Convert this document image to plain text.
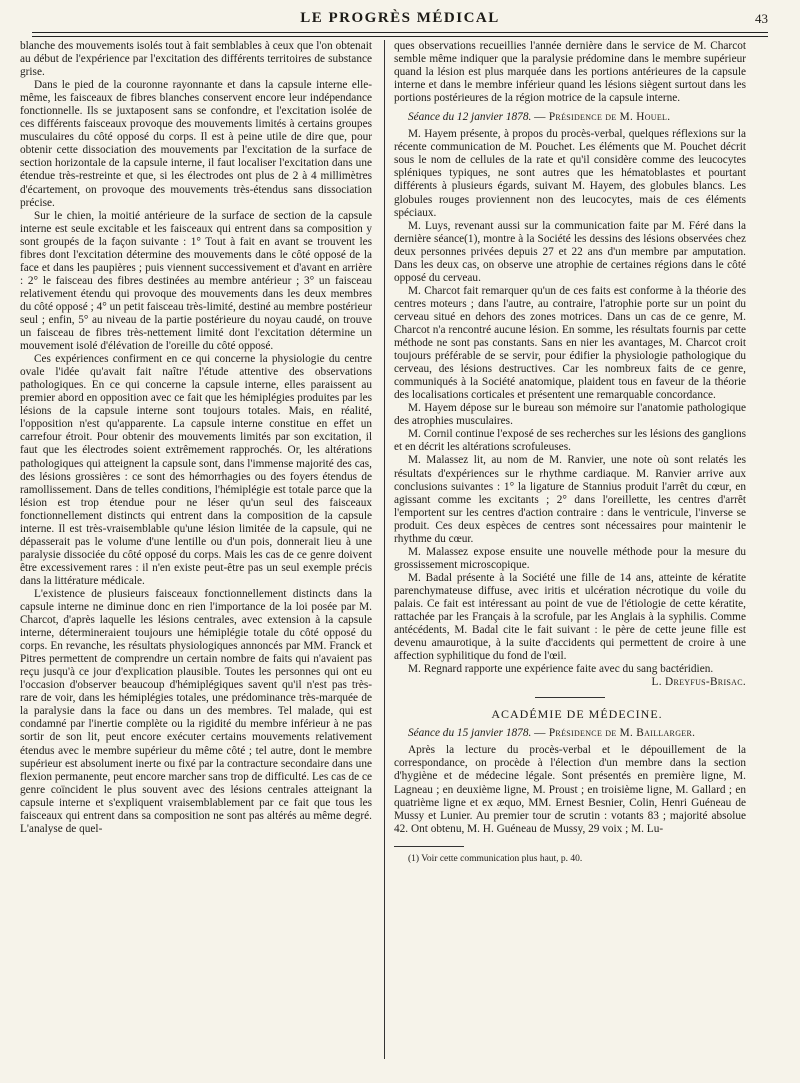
LE PROGRÈS MÉDICAL	43

blanche des mouvements isolés tout à fait semblables à ceux que l'on obtenait au début de l'expérience par l'excitation des différents territoires de substance grise.

Dans le pied de la couronne rayonnante et dans la capsule interne elle-même, les faisceaux de fibres blanches conservent encore leur indépendance fonctionnelle. Ils se juxtaposent sans se confondre, et l'excitation isolée de ces différents faisceaux provoque des mouvements limités à certains groupes musculaires du côté opposé du corps. Il est à peine utile de dire que, pour obtenir cette dissociation des mouvements par l'excitation de la surface de section horizontale de la capsule interne, il faut localiser l'excitation dans une étendue très-restreinte et que, si les électrodes ont plus de 2 à 4 millimètres d'écartement, on provoque des mouvements très-étendus sans dissociation précise.

Sur le chien, la moitié antérieure de la surface de section de la capsule interne est seule excitable et les faisceaux qui entrent dans sa composition y sont groupés de la façon suivante : 1° Tout à fait en avant se trouvent les fibres dont l'excitation détermine des mouvements dans le côté opposé de la face et dans les paupières ; puis viennent successivement et d'avant en arrière : 2° le faisceau des fibres destinées au membre antérieur ; 3° un faisceau relativement étendu qui provoque des mouvements dans les deux membres du côté opposé ; 4° un petit faisceau très-limité, destiné au membre postérieur seul ; enfin, 5° au niveau de la partie postérieure du noyau caudé, on trouve un faisceau de fibres très-nettement limité dont l'excitation détermine un mouvement isolé d'élévation de l'oreille du côté opposé.

Ces expériences confirment en ce qui concerne la physiologie du centre ovale l'idée qu'avait fait naître l'étude attentive des observations pathologiques. En ce qui concerne la capsule interne, elles paraissent au premier abord en opposition avec ce fait que les hémiplégies produites par les lésions de la capsule interne sont toujours totales. Mais, en réalité, l'opposition n'est qu'apparente. La capsule interne constitue en effet un carrefour étroit. Pour obtenir des mouvements limités par son excitation, il faut que les électrodes soient extrêmement rapprochés. Or, les altérations pathologiques qui atteignent la capsule sont, dans l'immense majorité des cas, des lésions grossières : ce sont des hémorrhagies ou des foyers étendus de ramollissement. Dans de telles conditions, l'hémiplégie est totale parce que la lésion est trop étendue pour ne léser qu'un seul des faisceaux fonctionnellement distincts qui entrent dans la composition de la capsule interne. Il est très-vraisemblable qu'une lésion limitée de la capsule, qui ne dépasserait pas le volume d'une lentille ou d'un pois, donnerait lieu à une paralysie dissociée du côté opposé du corps. Mais les cas de ce genre doivent être excessivement rares : il n'en existe peut-être pas un seul exemple précis dans la littérature médicale.

L'existence de plusieurs faisceaux fonctionnellement distincts dans la capsule interne ne diminue donc en rien l'importance de la loi posée par M. Charcot, d'après laquelle les lésions centrales, avec extension à la capsule interne, détermineraient toujours une hémiplégie totale du côté opposé du corps. En revanche, les résultats physiologiques annoncés par MM. Franck et Pitres permettent de comprendre un certain nombre de faits qui n'avaient pas reçu jusqu'à ce jour d'explication plausible. Toutes les personnes qui ont eu l'occasion d'observer beaucoup d'hémiplégiques savent qu'il n'est pas très-rare de voir, dans les hémiplégies totales, une prédominance très-marquée de la paralysie dans la face ou dans un des membres. Tel malade, qui est condamné par l'inertie complète ou la rigidité du membre inférieur à ne pas sortir de son lit, peut encore exécuter certains mouvements relativement étendus avec le membre supérieur du même côté ; tel autre, dont le membre supérieur est absolument inerte ou fixé par la contracture secondaire dans une flexion permanente, peut encore marcher sans trop de difficulté. Les cas de ce genre coïncident le plus souvent avec des lésions centrales atteignant la capsule interne et s'expliquent vraisemblablement par ce fait que tous les faisceaux qui entrent dans sa composition ne sont pas altérés au même degré. L'analyse de quel-

ques observations recueillies l'année dernière dans le service de M. Charcot semble même indiquer que la paralysie prédomine dans le membre supérieur quand la lésion est plus marquée dans les portions antérieures de la capsule interne et dans le membre inférieur quand les lésions siègent surtout dans les portions postérieures de la région motrice de la capsule interne.

Séance du 12 janvier 1878. — Présidence de M. Houel.

M. Hayem présente, à propos du procès-verbal, quelques réflexions sur la récente communication de M. Pouchet. Les éléments que M. Pouchet décrit sous le nom de cellules de la rate et qu'il considère comme des leucocytes spléniques typiques, ne sont autres que les hématoblastes et pourtant différents à plusieurs égards, suivant M. Hayem, des globules blancs. Les globules rouges proviennent non des leucocytes, mais de ces éléments spéciaux.

M. Luys, revenant aussi sur la communication faite par M. Féré dans la dernière séance(1), montre à la Société les dessins des lésions observées chez deux personnes privées depuis 27 et 22 ans d'un membre par amputation. Dans les deux cas, on observe une atrophie de certaines régions dans le côté opposé du cerveau.

M. Charcot fait remarquer qu'un de ces faits est conforme à la théorie des centres moteurs ; dans l'autre, au contraire, l'atrophie porte sur un point du cerveau situé en dehors des zones motrices. Dans un cas de ce genre, M. Charcot n'a rencontré aucune lésion. En somme, les résultats fournis par cette méthode ne sont pas constants. Sans en nier les avantages, M. Charcot croit toujours préférable de se servir, pour édifier la physiologie pathologique du cerveau, des lésions destructives. Car les nombreux faits de ce genre, communiqués à la Société anatomique, plaident tous en faveur de la théorie des localisations corticales et présentent une remarquable concordance.

M. Hayem dépose sur le bureau son mémoire sur l'anatomie pathologique des atrophies musculaires.

M. Cornil continue l'exposé de ses recherches sur les lésions des ganglions et en décrit les altérations scrofuleuses.

M. Malassez lit, au nom de M. Ranvier, une note où sont relatés les résultats d'expériences sur le rhythme cardiaque. M. Ranvier arrive aux conclusions suivantes : 1° la ligature de Stannius produit l'arrêt du cœur, en agissant comme les excitants ; 2° dans l'oreillette, les centres d'arrêt l'emportent sur les centres d'action contraire : dans le ventricule, l'inverse se produit. Ces deux espèces de centres sont nécessaires pour maintenir le rhythme du cœur.

M. Malassez expose ensuite une nouvelle méthode pour la mesure du grossissement microscopique.

M. Badal présente à la Société une fille de 14 ans, atteinte de kératite parenchymateuse diffuse, avec iritis et ulcération nécrotique du voile du palais. Ce fait est intéressant au point de vue de l'étiologie de cette kératite, rattachée par les Français à la scrofule, par les Anglais à la syphilis. Comme antécédents, M. Badal cite le fait suivant : le père de cette jeune fille est devenu amaurotique, à la suite d'accidents qui permettent de croire à une affection syphilitique du fond de l'œil.

M. Regnard rapporte une expérience faite avec du sang bactéridien.

L. Dreyfus-Brisac.

ACADÉMIE DE MÉDECINE.

Séance du 15 janvier 1878. — Présidence de M. Baillarger.

Après la lecture du procès-verbal et le dépouillement de la correspondance, on procède à l'élection d'un membre dans la section d'hygiène et de médecine légale. Sont présentés en première ligne, M. Lagneau ; en deuxième ligne, M. Proust ; en troisième ligne, M. Gallard ; en quatrième ligne et ex æquo, MM. Ernest Besnier, Colin, Henri Guéneau de Mussy et Lunier. Au premier tour de scrutin : votants 83 ; majorité absolue 42. Ont obtenu, M. H. Guéneau de Mussy, 29 voix ; M. Lu-

(1) Voir cette communication plus haut, p. 40.
